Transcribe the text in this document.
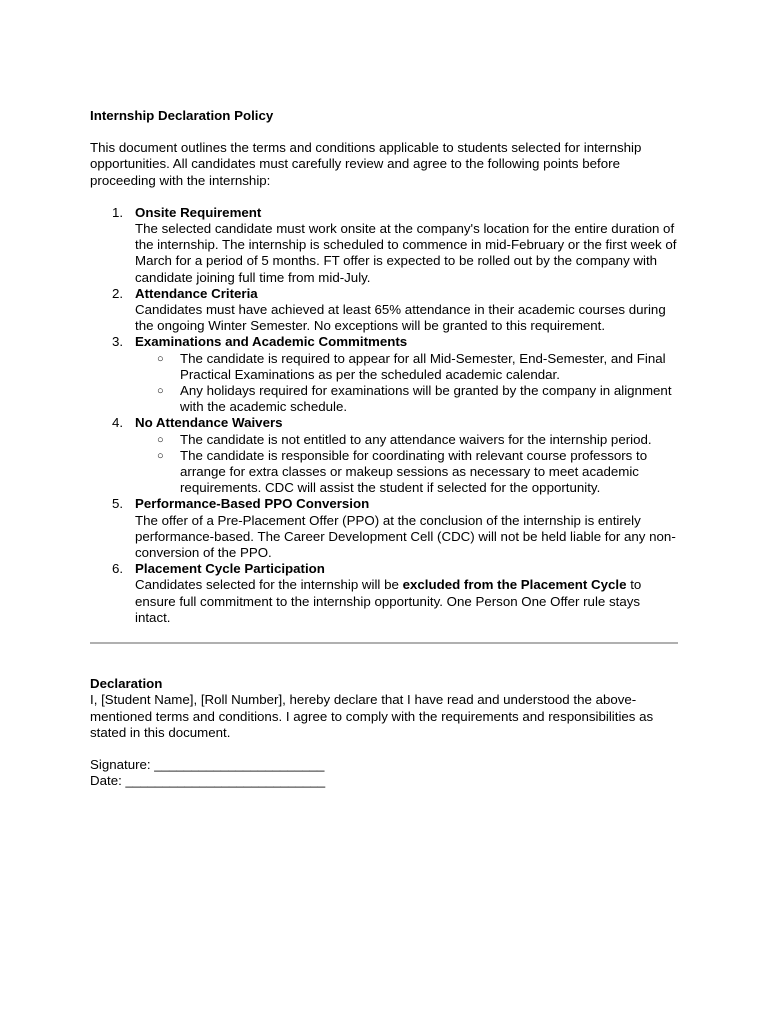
Internship Declaration Policy

This document outlines the terms and conditions applicable to students selected for internship opportunities. All candidates must carefully review and agree to the following points before proceeding with the internship:

1. Onsite Requirement
The selected candidate must work onsite at the company's location for the entire duration of the internship. The internship is scheduled to commence in mid-February or the first week of March for a period of 5 months. FT offer is expected to be rolled out by the company with candidate joining full time from mid-July.
2. Attendance Criteria
Candidates must have achieved at least 65% attendance in their academic courses during the ongoing Winter Semester. No exceptions will be granted to this requirement.
3. Examinations and Academic Commitments
○ The candidate is required to appear for all Mid-Semester, End-Semester, and Final Practical Examinations as per the scheduled academic calendar.
○ Any holidays required for examinations will be granted by the company in alignment with the academic schedule.
4. No Attendance Waivers
○ The candidate is not entitled to any attendance waivers for the internship period.
○ The candidate is responsible for coordinating with relevant course professors to arrange for extra classes or makeup sessions as necessary to meet academic requirements. CDC will assist the student if selected for the opportunity.
5. Performance-Based PPO Conversion
The offer of a Pre-Placement Offer (PPO) at the conclusion of the internship is entirely performance-based. The Career Development Cell (CDC) will not be held liable for any non-conversion of the PPO.
6. Placement Cycle Participation
Candidates selected for the internship will be excluded from the Placement Cycle to ensure full commitment to the internship opportunity. One Person One Offer rule stays intact.

Declaration

I, [Student Name], [Roll Number], hereby declare that I have read and understood the above-mentioned terms and conditions. I agree to comply with the requirements and responsibilities as stated in this document.

Signature: _______________________

Date: ___________________________
